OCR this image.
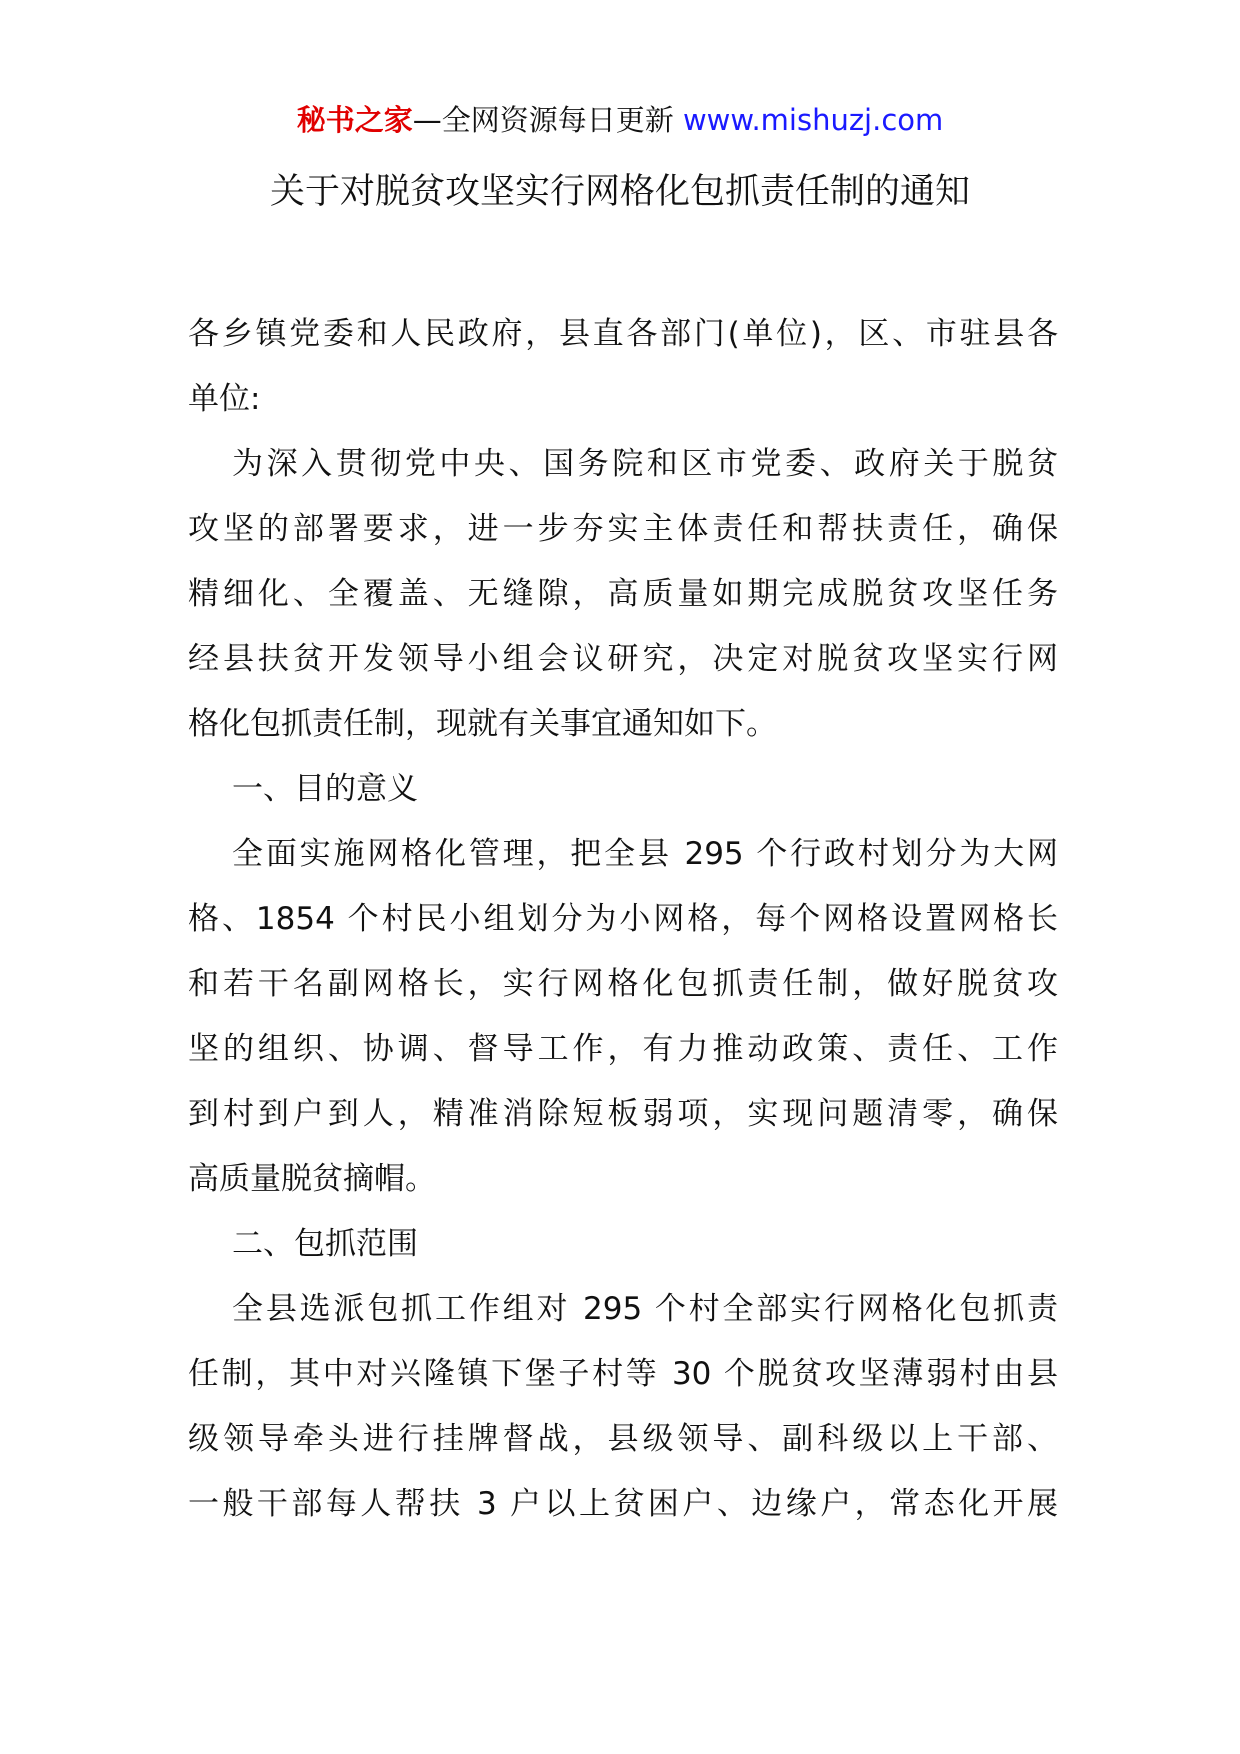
秘书之家—全网资源每日更新 www.mishuzj.com
关于对脱贫攻坚实行网格化包抓责任制的通知
各乡镇党委和人民政府，县直各部门(单位)，区、市驻县各
单位:
为深入贯彻党中央、国务院和区市党委、政府关于脱贫
攻坚的部署要求，进一步夯实主体责任和帮扶责任，确保
精细化、全覆盖、无缝隙，高质量如期完成脱贫攻坚任务
经县扶贫开发领导小组会议研究，决定对脱贫攻坚实行网
格化包抓责任制，现就有关事宜通知如下。
一、目的意义
全面实施网格化管理，把全县 295 个行政村划分为大网
格、1854 个村民小组划分为小网格，每个网格设置网格长
和若干名副网格长，实行网格化包抓责任制，做好脱贫攻
坚的组织、协调、督导工作，有力推动政策、责任、工作
到村到户到人，精准消除短板弱项，实现问题清零，确保
高质量脱贫摘帽。
二、包抓范围
全县选派包抓工作组对 295 个村全部实行网格化包抓责
任制，其中对兴隆镇下堡子村等 30 个脱贫攻坚薄弱村由县
级领导牵头进行挂牌督战，县级领导、副科级以上干部、
一般干部每人帮扶 3 户以上贫困户、边缘户，常态化开展
